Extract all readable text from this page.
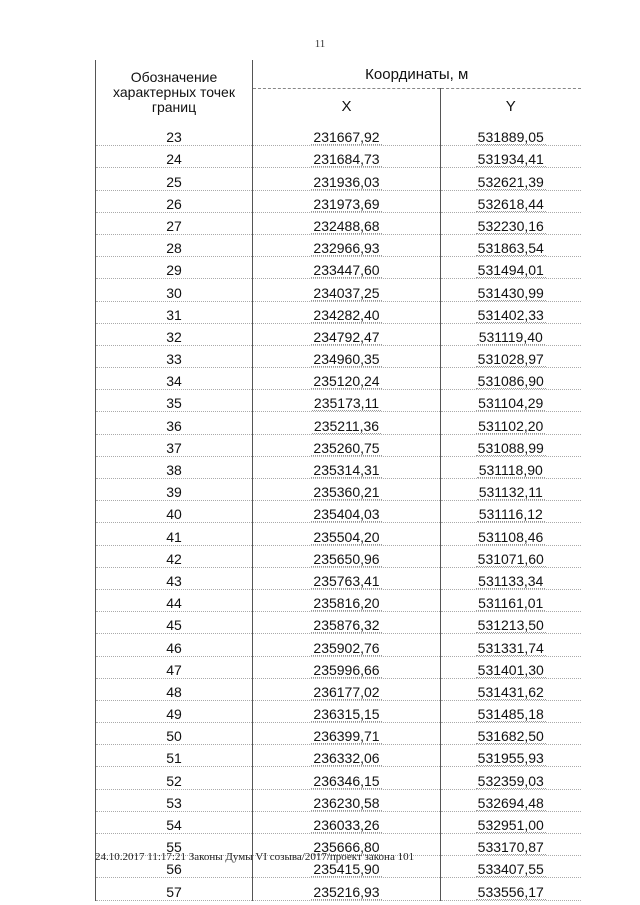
11
Обозначение характерных точек границ	Координаты, м	
	X	Y
23	231667,92	531889,05
24	231684,73	531934,41
25	231936,03	532621,39
26	231973,69	532618,44
27	232488,68	532230,16
28	232966,93	531863,54
29	233447,60	531494,01
30	234037,25	531430,99
31	234282,40	531402,33
32	234792,47	531119,40
33	234960,35	531028,97
34	235120,24	531086,90
35	235173,11	531104,29
36	235211,36	531102,20
37	235260,75	531088,99
38	235314,31	531118,90
39	235360,21	531132,11
40	235404,03	531116,12
41	235504,20	531108,46
42	235650,96	531071,60
43	235763,41	531133,34
44	235816,20	531161,01
45	235876,32	531213,50
46	235902,76	531331,74
47	235996,66	531401,30
48	236177,02	531431,62
49	236315,15	531485,18
50	236399,71	531682,50
51	236332,06	531955,93
52	236346,15	532359,03
53	236230,58	532694,48
54	236033,26	532951,00
55	235666,80	533170,87
56	235415,90	533407,55
57	235216,93	533556,17
24.10.2017 11:17:21 Законы Думы VI созыва/2017/проект закона 101
